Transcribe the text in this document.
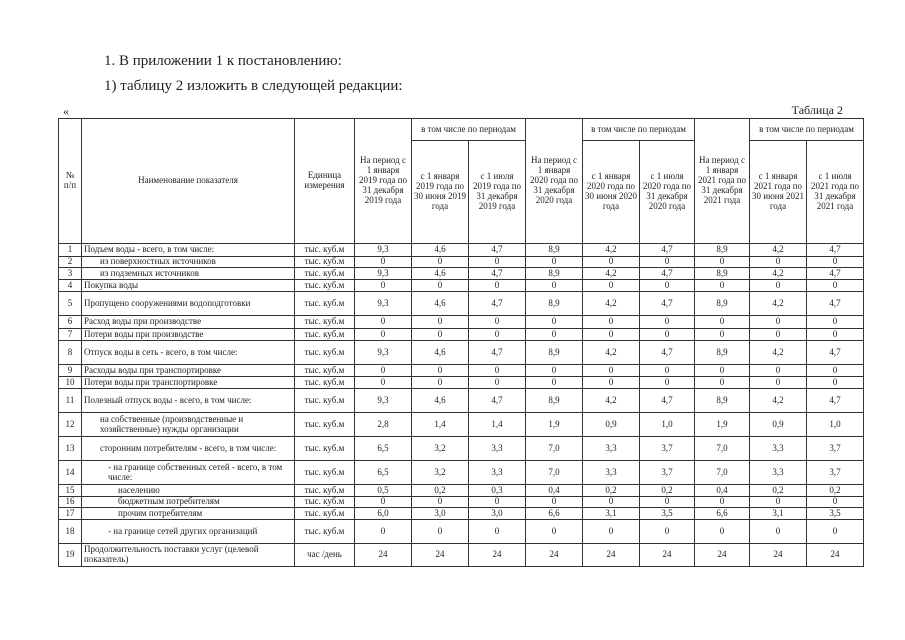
1. В приложении 1 к постановлению:
1) таблицу 2 изложить в следующей редакции:
«	Таблица 2
№ п/п	Наименование показателя	Единица измерения	На период с 1 января 2019 года по 31 декабря 2019 года	в том числе по периодам		На период с 1 января 2020 года по 31 декабря 2020 года	в том числе по периодам		На период с 1 января 2021 года по 31 декабря 2021 года	в том числе по периодам	
				с 1 января 2019 года по 30 июня 2019 года	с 1 июля 2019 года по 31 декабря 2019 года		с 1 января 2020 года по 30 июня 2020 года	с 1 июля 2020 года по 31 декабря 2020 года		с 1 января 2021 года по 30 июня 2021 года	с 1 июля 2021 года по 31 декабря 2021 года
1	Подъем воды - всего, в том числе:	тыс. куб.м	9,3	4,6	4,7	8,9	4,2	4,7	8,9	4,2	4,7
2	из поверхностных источников	тыс. куб.м	0	0	0	0	0	0	0	0	0
3	из подземных источников	тыс. куб.м	9,3	4,6	4,7	8,9	4,2	4,7	8,9	4,2	4,7
4	Покупка воды	тыс. куб.м	0	0	0	0	0	0	0	0	0
5	Пропущено сооружениями водоподготовки	тыс. куб.м	9,3	4,6	4,7	8,9	4,2	4,7	8,9	4,2	4,7
6	Расход воды при производстве	тыс. куб.м	0	0	0	0	0	0	0	0	0
7	Потери воды при производстве	тыс. куб.м	0	0	0	0	0	0	0	0	0
8	Отпуск воды в сеть - всего, в том числе:	тыс. куб.м	9,3	4,6	4,7	8,9	4,2	4,7	8,9	4,2	4,7
9	Расходы воды при транспортировке	тыс. куб.м	0	0	0	0	0	0	0	0	0
10	Потери воды при транспортировке	тыс. куб.м	0	0	0	0	0	0	0	0	0
11	Полезный отпуск воды - всего, в том числе:	тыс. куб.м	9,3	4,6	4,7	8,9	4,2	4,7	8,9	4,2	4,7
12	на собственные (производственные и хозяйственные) нужды организации	тыс. куб.м	2,8	1,4	1,4	1,9	0,9	1,0	1,9	0,9	1,0
13	сторонним потребителям - всего, в том числе:	тыс. куб.м	6,5	3,2	3,3	7,0	3,3	3,7	7,0	3,3	3,7
14	- на границе собственных сетей - всего, в том числе:	тыс. куб.м	6,5	3,2	3,3	7,0	3,3	3,7	7,0	3,3	3,7
15	населению	тыс. куб.м	0,5	0,2	0,3	0,4	0,2	0,2	0,4	0,2	0,2
16	бюджетным потребителям	тыс. куб.м	0	0	0	0	0	0	0	0	0
17	прочим потребителям	тыс. куб.м	6,0	3,0	3,0	6,6	3,1	3,5	6,6	3,1	3,5
18	- на границе сетей других организаций	тыс. куб.м	0	0	0	0	0	0	0	0	0
19	Продолжительность поставки услуг (целевой показатель)	час /день	24	24	24	24	24	24	24	24	24
